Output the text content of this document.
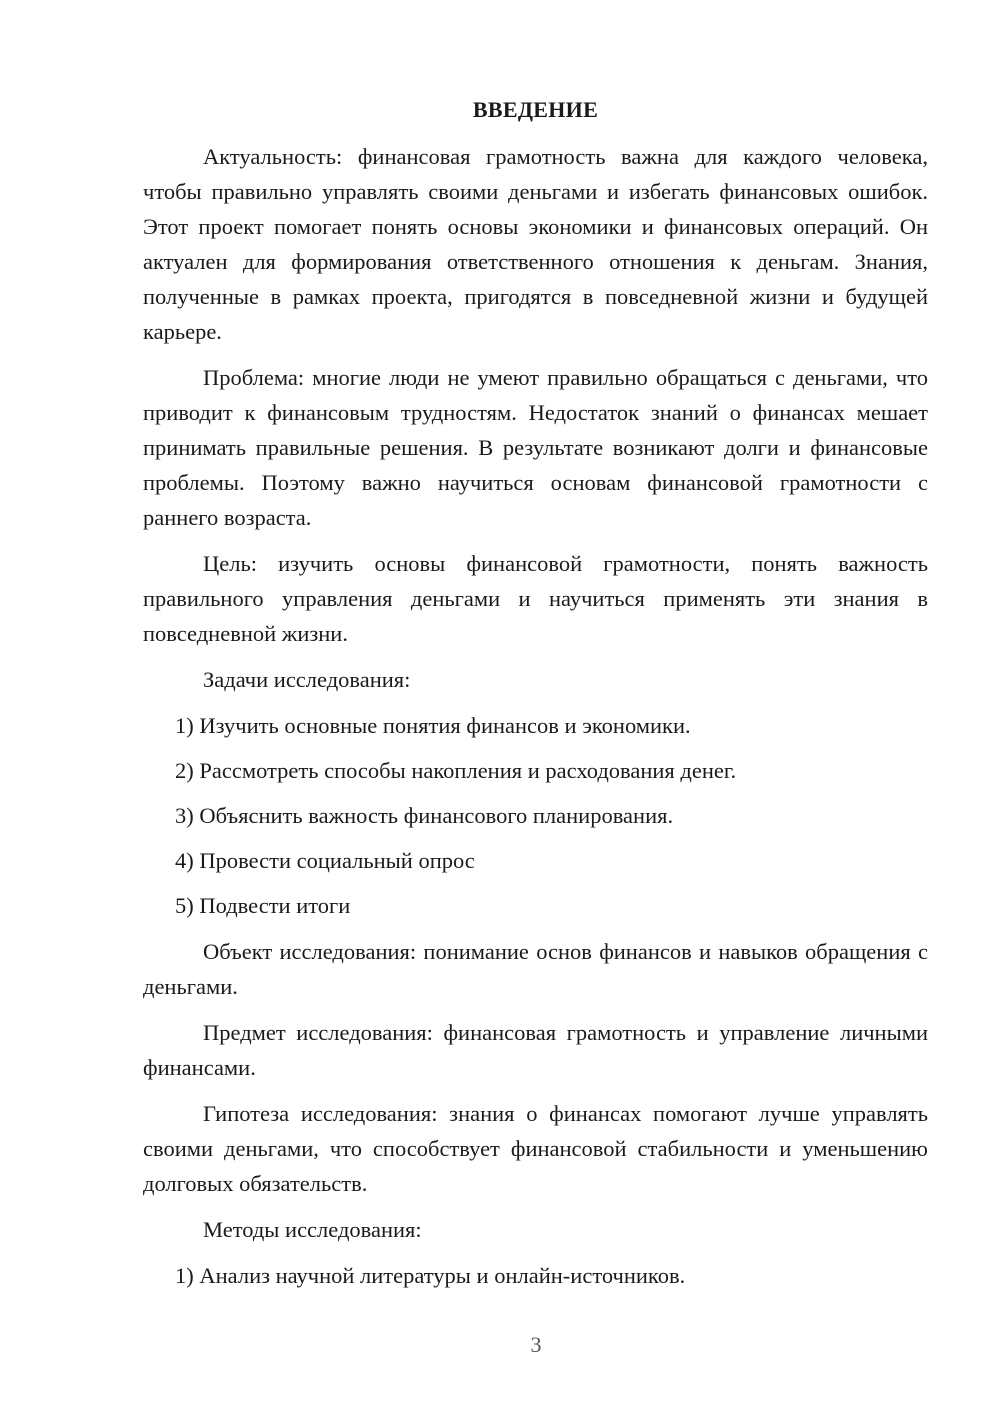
ВВЕДЕНИЕ

Актуальность: финансовая грамотность важна для каждого человека, чтобы правильно управлять своими деньгами и избегать финансовых ошибок. Этот проект помогает понять основы экономики и финансовых операций. Он актуален для формирования ответственного отношения к деньгам. Знания, полученные в рамках проекта, пригодятся в повседневной жизни и будущей карьере.

Проблема: многие люди не умеют правильно обращаться с деньгами, что приводит к финансовым трудностям. Недостаток знаний о финансах мешает принимать правильные решения. В результате возникают долги и финансовые проблемы. Поэтому важно научиться основам финансовой грамотности с раннего возраста.

Цель: изучить основы финансовой грамотности, понять важность правильного управления деньгами и научиться применять эти знания в повседневной жизни.

Задачи исследования:

1) Изучить основные понятия финансов и экономики.
2) Рассмотреть способы накопления и расходования денег.
3) Объяснить важность финансового планирования.
4) Провести социальный опрос
5) Подвести итоги

Объект исследования: понимание основ финансов и навыков обращения с деньгами.

Предмет исследования: финансовая грамотность и управление личными финансами.

Гипотеза исследования: знания о финансах помогают лучше управлять своими деньгами, что способствует финансовой стабильности и уменьшению долговых обязательств.

Методы исследования:

1) Анализ научной литературы и онлайн-источников.
3
